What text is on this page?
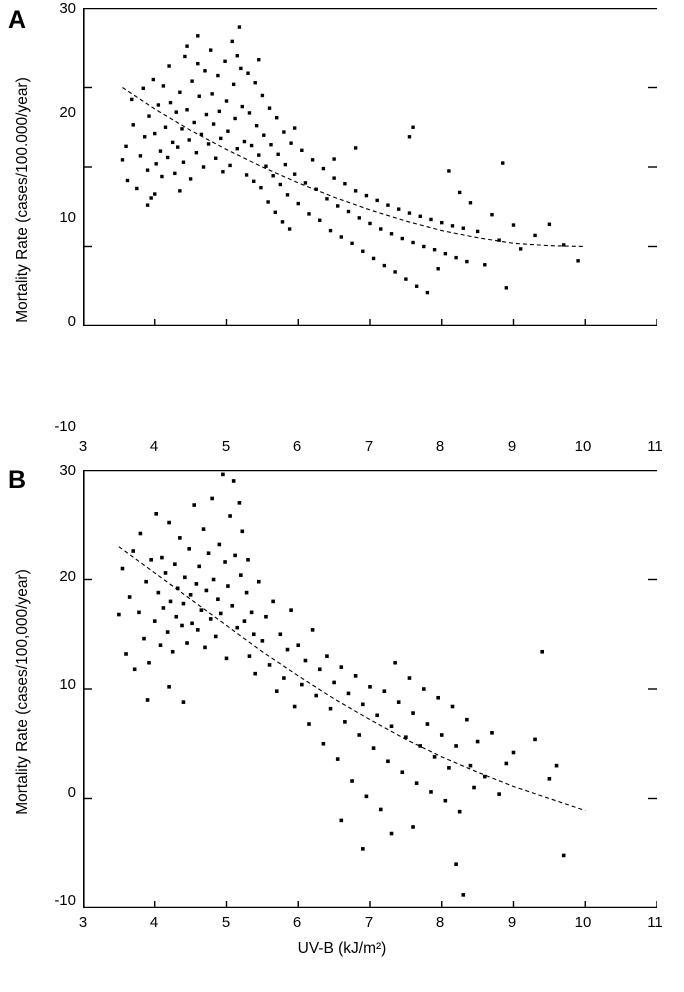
A
Mortality Rate (cases/100.000/year)
30
20
10
0
-10
3	4	5	6	7	8	9	10	11
B
Mortality Rate (cases/100,000/year)
30
20
10
0
-10
3	4	5	6	7	8	9	10	11
UV-B (kJ/m²)
